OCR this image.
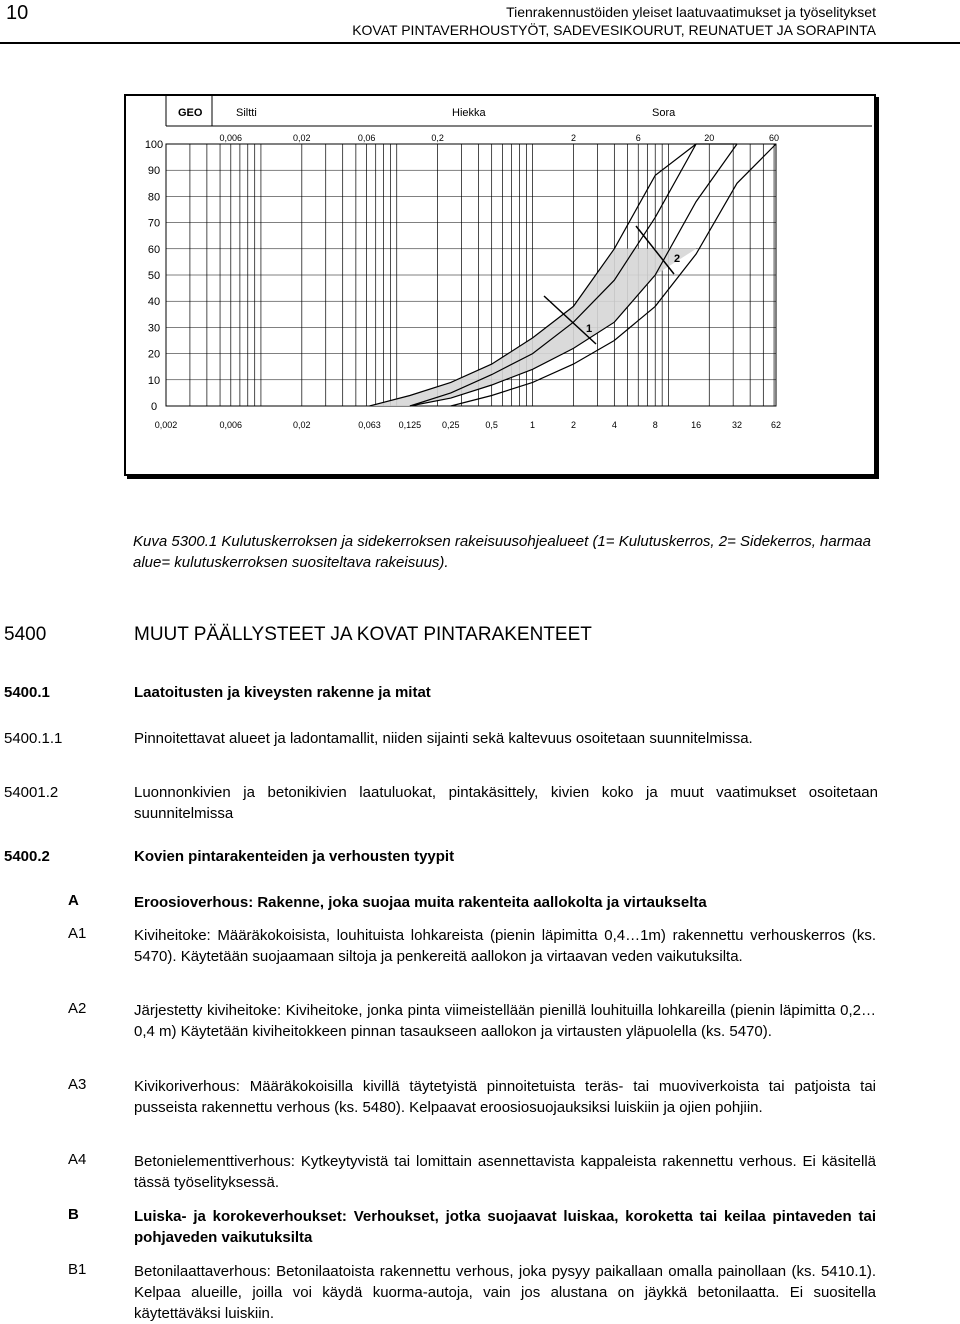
10	Tienrakennustöiden yleiset laatuvaatimukset ja työselitykset
KOVAT PINTAVERHOUSTYÖT, SADEVESIKOURUT, REUNATUET JA SORAPINTA
GEO	Siltti	Hiekka	Sora
0,006	0,02	0,06	0,2	2	6	20	60
100
90
80
70
60
50
40
30
20
10
0
0,002	0,006	0,02	0,063 0,125 0,25	0,5	1	2	4	8	16	32	62
1
2
Kuva 5300.1 Kulutuskerroksen ja sidekerroksen rakeisuusohjealueet (1= Kulutuskerros, 2= Sidekerros, harmaa alue= kulutuskerroksen suositeltava rakeisuus).
5400	MUUT PÄÄLLYSTEET JA KOVAT PINTARAKENTEET
5400.1	Laatoitusten ja kiveysten rakenne ja mitat
5400.1.1	Pinnoitettavat alueet ja ladontamallit, niiden sijainti sekä kaltevuus osoitetaan suunnitelmissa.
54001.2	Luonnonkivien ja betonikivien laatuluokat, pintakäsittely, kivien koko ja muut vaatimukset osoitetaan suunnitelmissa
5400.2	Kovien pintarakenteiden ja verhousten tyypit
A	Eroosioverhous: Rakenne, joka suojaa muita rakenteita aallokolta ja virtaukselta
A1	Kiviheitoke: Määräkokoisista, louhituista lohkareista (pienin läpimitta 0,4…1m) rakennettu verhouskerros (ks. 5470). Käytetään suojaamaan siltoja ja penkereitä aallokon ja virtaavan veden vaikutuksilta.
A2	Järjestetty kiviheitoke: Kiviheitoke, jonka pinta viimeistellään pienillä louhituilla lohkareilla (pienin läpimitta 0,2…0,4 m) Käytetään kiviheitokkeen pinnan tasaukseen aallokon ja virtausten yläpuolella (ks. 5470).
A3	Kivikoriverhous: Määräkokoisilla kivillä täytetyistä pinnoitetuista teräs- tai muoviverkoista tai patjoista tai pusseista rakennettu verhous (ks. 5480). Kelpaavat eroosiosuojauksiksi luiskiin ja ojien pohjiin.
A4	Betonielementtiverhous: Kytkeytyvistä tai lomittain asennettavista kappaleista rakennettu verhous. Ei käsitellä tässä työselityksessä.
B	Luiska- ja korokeverhoukset: Verhoukset, jotka suojaavat luiskaa, koroketta tai keilaa pintaveden tai pohjaveden vaikutuksilta
B1	Betonilaattaverhous: Betonilaatoista rakennettu verhous, joka pysyy paikallaan omalla painollaan (ks. 5410.1). Kelpaa alueille, joilla voi käydä kuorma-autoja, vain jos alustana on jäykkä betonilaatta. Ei suositella käytettäväksi luiskiin.
